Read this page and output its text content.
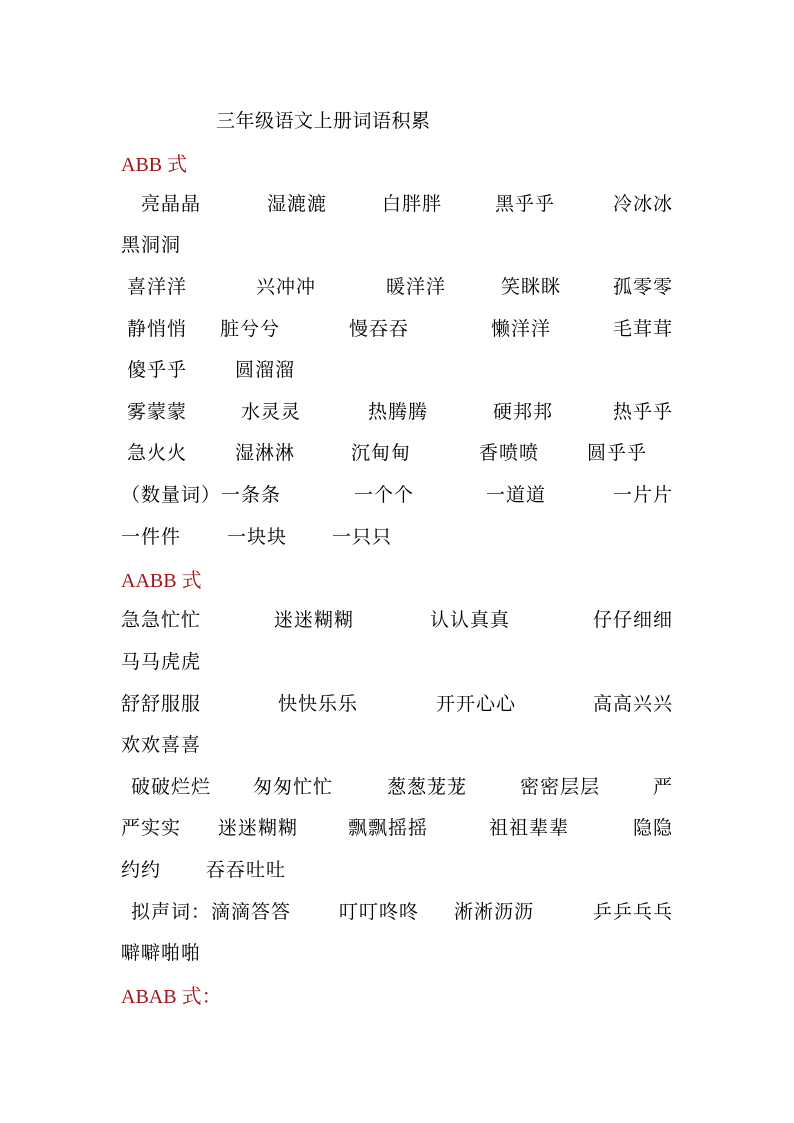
三年级语文上册词语积累
ABB 式
亮晶晶	湿漉漉	白胖胖	黑乎乎	冷冰冰
黑洞洞
喜洋洋	兴冲冲	暖洋洋	笑眯眯	孤零零
静悄悄 脏兮兮	慢吞吞	懒洋洋	毛茸茸
傻乎乎	圆溜溜
雾蒙蒙	水灵灵	热腾腾	硬邦邦	热乎乎
急火火	湿淋淋	沉甸甸	香喷喷	圆乎乎
（数量词）一条条	一个个	一道道	一片片
一件件 一块块 一只只
AABB 式
急急忙忙	迷迷糊糊	认认真真	仔仔细细
马马虎虎
舒舒服服	快快乐乐	开开心心	高高兴兴
欢欢喜喜
破破烂烂 匆匆忙忙	葱葱茏茏	密密层层	严
严实实 迷迷糊糊	飘飘摇摇	祖祖辈辈	隐隐
约约 吞吞吐吐
拟声词：滴滴答答	叮叮咚咚 淅淅沥沥	乒乒乓乓
噼噼啪啪
ABAB 式：
